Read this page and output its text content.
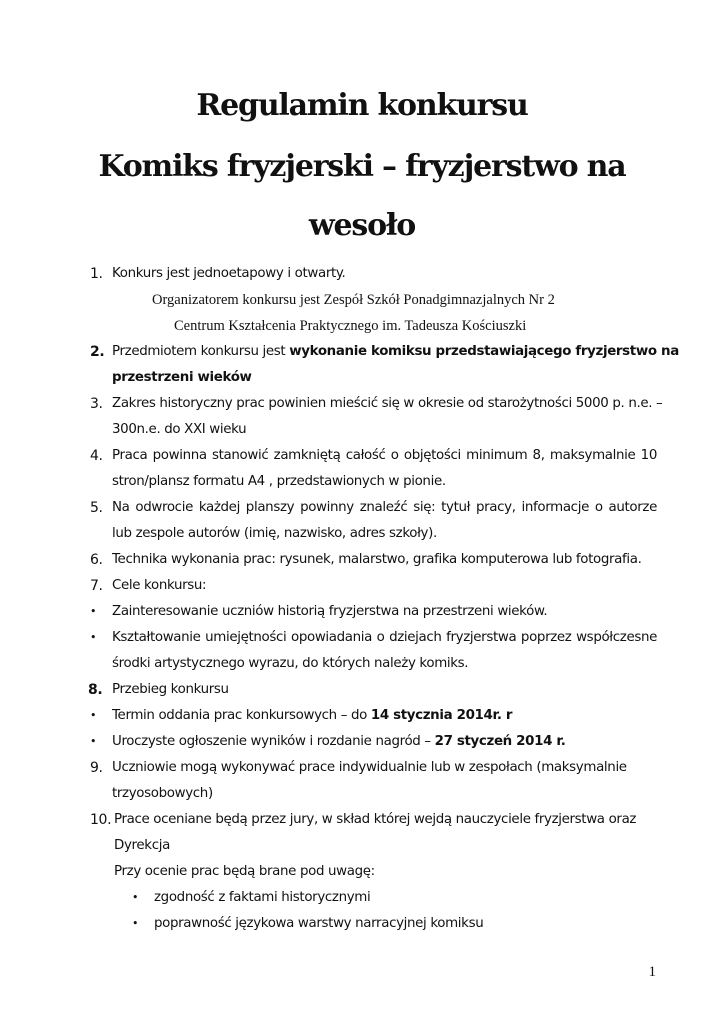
Regulamin konkursu
Komiks fryzjerski – fryzjerstwo na
wesoło
1. Konkurs jest jednoetapowy i otwarty.
Organizatorem konkursu jest Zespół Szkół Ponadgimnazjalnych Nr 2
Centrum Kształcenia Praktycznego im. Tadeusza Kościuszki
2. Przedmiotem konkursu jest wykonanie komiksu przedstawiającego fryzjerstwo na
przestrzeni wieków
3. Zakres historyczny prac powinien mieścić się w okresie od starożytności 5000 p. n.e. –
300n.e. do XXI wieku
4. Praca powinna stanowić zamkniętą całość o objętości minimum 8, maksymalnie 10
stron/plansz formatu A4 , przedstawionych w pionie.
5. Na odwrocie każdej planszy powinny znaleźć się: tytuł pracy, informacje o autorze
lub zespole autorów (imię, nazwisko, adres szkoły).
6. Technika wykonania prac: rysunek, malarstwo, grafika komputerowa lub fotografia.
7. Cele konkursu:
• Zainteresowanie uczniów historią fryzjerstwa na przestrzeni wieków.
• Kształtowanie umiejętności opowiadania o dziejach fryzjerstwa poprzez współczesne
środki artystycznego wyrazu, do których należy komiks.
8. Przebieg konkursu
• Termin oddania prac konkursowych – do 14 stycznia 2014r. r
• Uroczyste ogłoszenie wyników i rozdanie nagród – 27 styczeń 2014 r.
9. Uczniowie mogą wykonywać prace indywidualnie lub w zespołach (maksymalnie
trzyosobowych)
10. Prace oceniane będą przez jury, w skład której wejdą nauczyciele fryzjerstwa oraz
Dyrekcja
Przy ocenie prac będą brane pod uwagę:
• zgodność z faktami historycznymi
• poprawność językowa warstwy narracyjnej komiksu
1
